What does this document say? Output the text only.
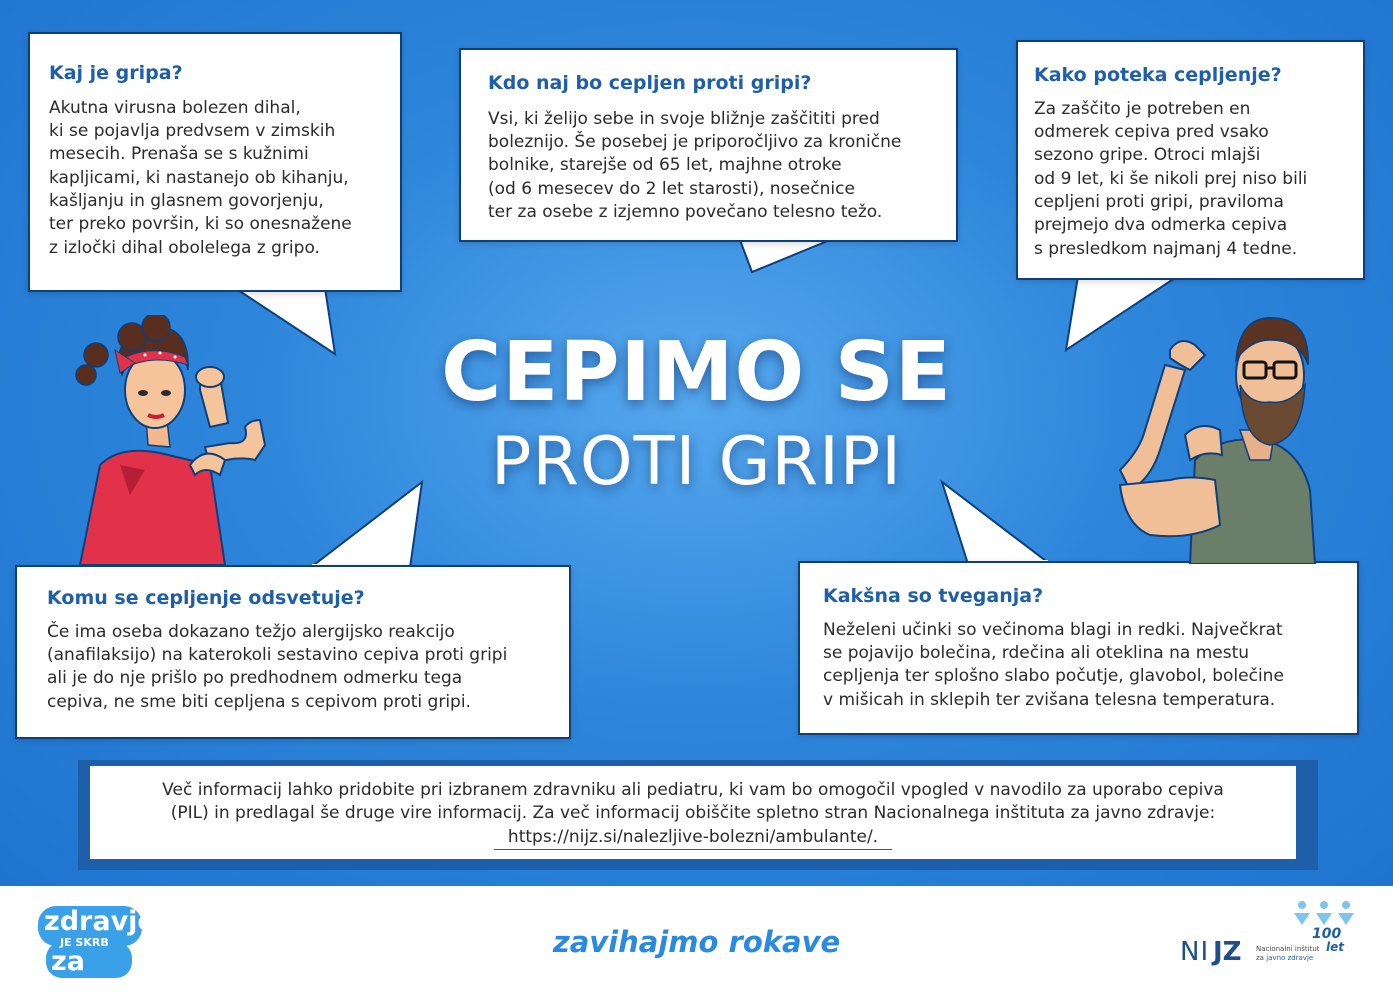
Kaj je gripa?

Akutna virusna bolezen dihal,
ki se pojavlja predvsem v zimskih
mesecih. Prenaša se s kužnimi
kapljicami, ki nastanejo ob kihanju,
kašljanju in glasnem govorjenju,
ter preko površin, ki so onesnažene
z izločki dihal obolelega z gripo.

Kdo naj bo cepljen proti gripi?

Vsi, ki želijo sebe in svoje bližnje zaščititi pred
boleznijo. Še posebej je priporočljivo za kronične
bolnike, starejše od 65 let, majhne otroke
(od 6 mesecev do 2 let starosti), nosečnice
ter za osebe z izjemno povečano telesno težo.

Kako poteka cepljenje?

Za zaščito je potreben en
odmerek cepiva pred vsako
sezono gripe. Otroci mlajši
od 9 let, ki še nikoli prej niso bili
cepljeni proti gripi, praviloma
prejmejo dva odmerka cepiva
s presledkom najmanj 4 tedne.

Komu se cepljenje odsvetuje?

Če ima oseba dokazano težjo alergijsko reakcijo
(anafilaksijo) na katerokoli sestavino cepiva proti gripi
ali je do nje prišlo po predhodnem odmerku tega
cepiva, ne sme biti cepljena s cepivom proti gripi.

Kakšna so tveganja?

Neželeni učinki so večinoma blagi in redki. Največkrat
se pojavijo bolečina, rdečina ali oteklina na mestu
cepljenja ter splošno slabo počutje, glavobol, bolečine
v mišicah in sklepih ter zvišana telesna temperatura.

CEPIMO SE
PROTI GRIPI

Več informacij lahko pridobite pri izbranem zdravniku ali pediatru, ki vam bo omogočil vpogled v navodilo za uporabo cepiva
(PIL) in predlagal še druge vire informacij. Za več informacij obiščite spletno stran Nacionalnega inštituta za javno zdravje:
https://nijz.si/nalezljive-bolezni/ambulante/.

zdravje
JE SKRB
za vse
zavihajmo rokave	100
let
NI JZ Nacionalni inštitut
za javno zdravje
